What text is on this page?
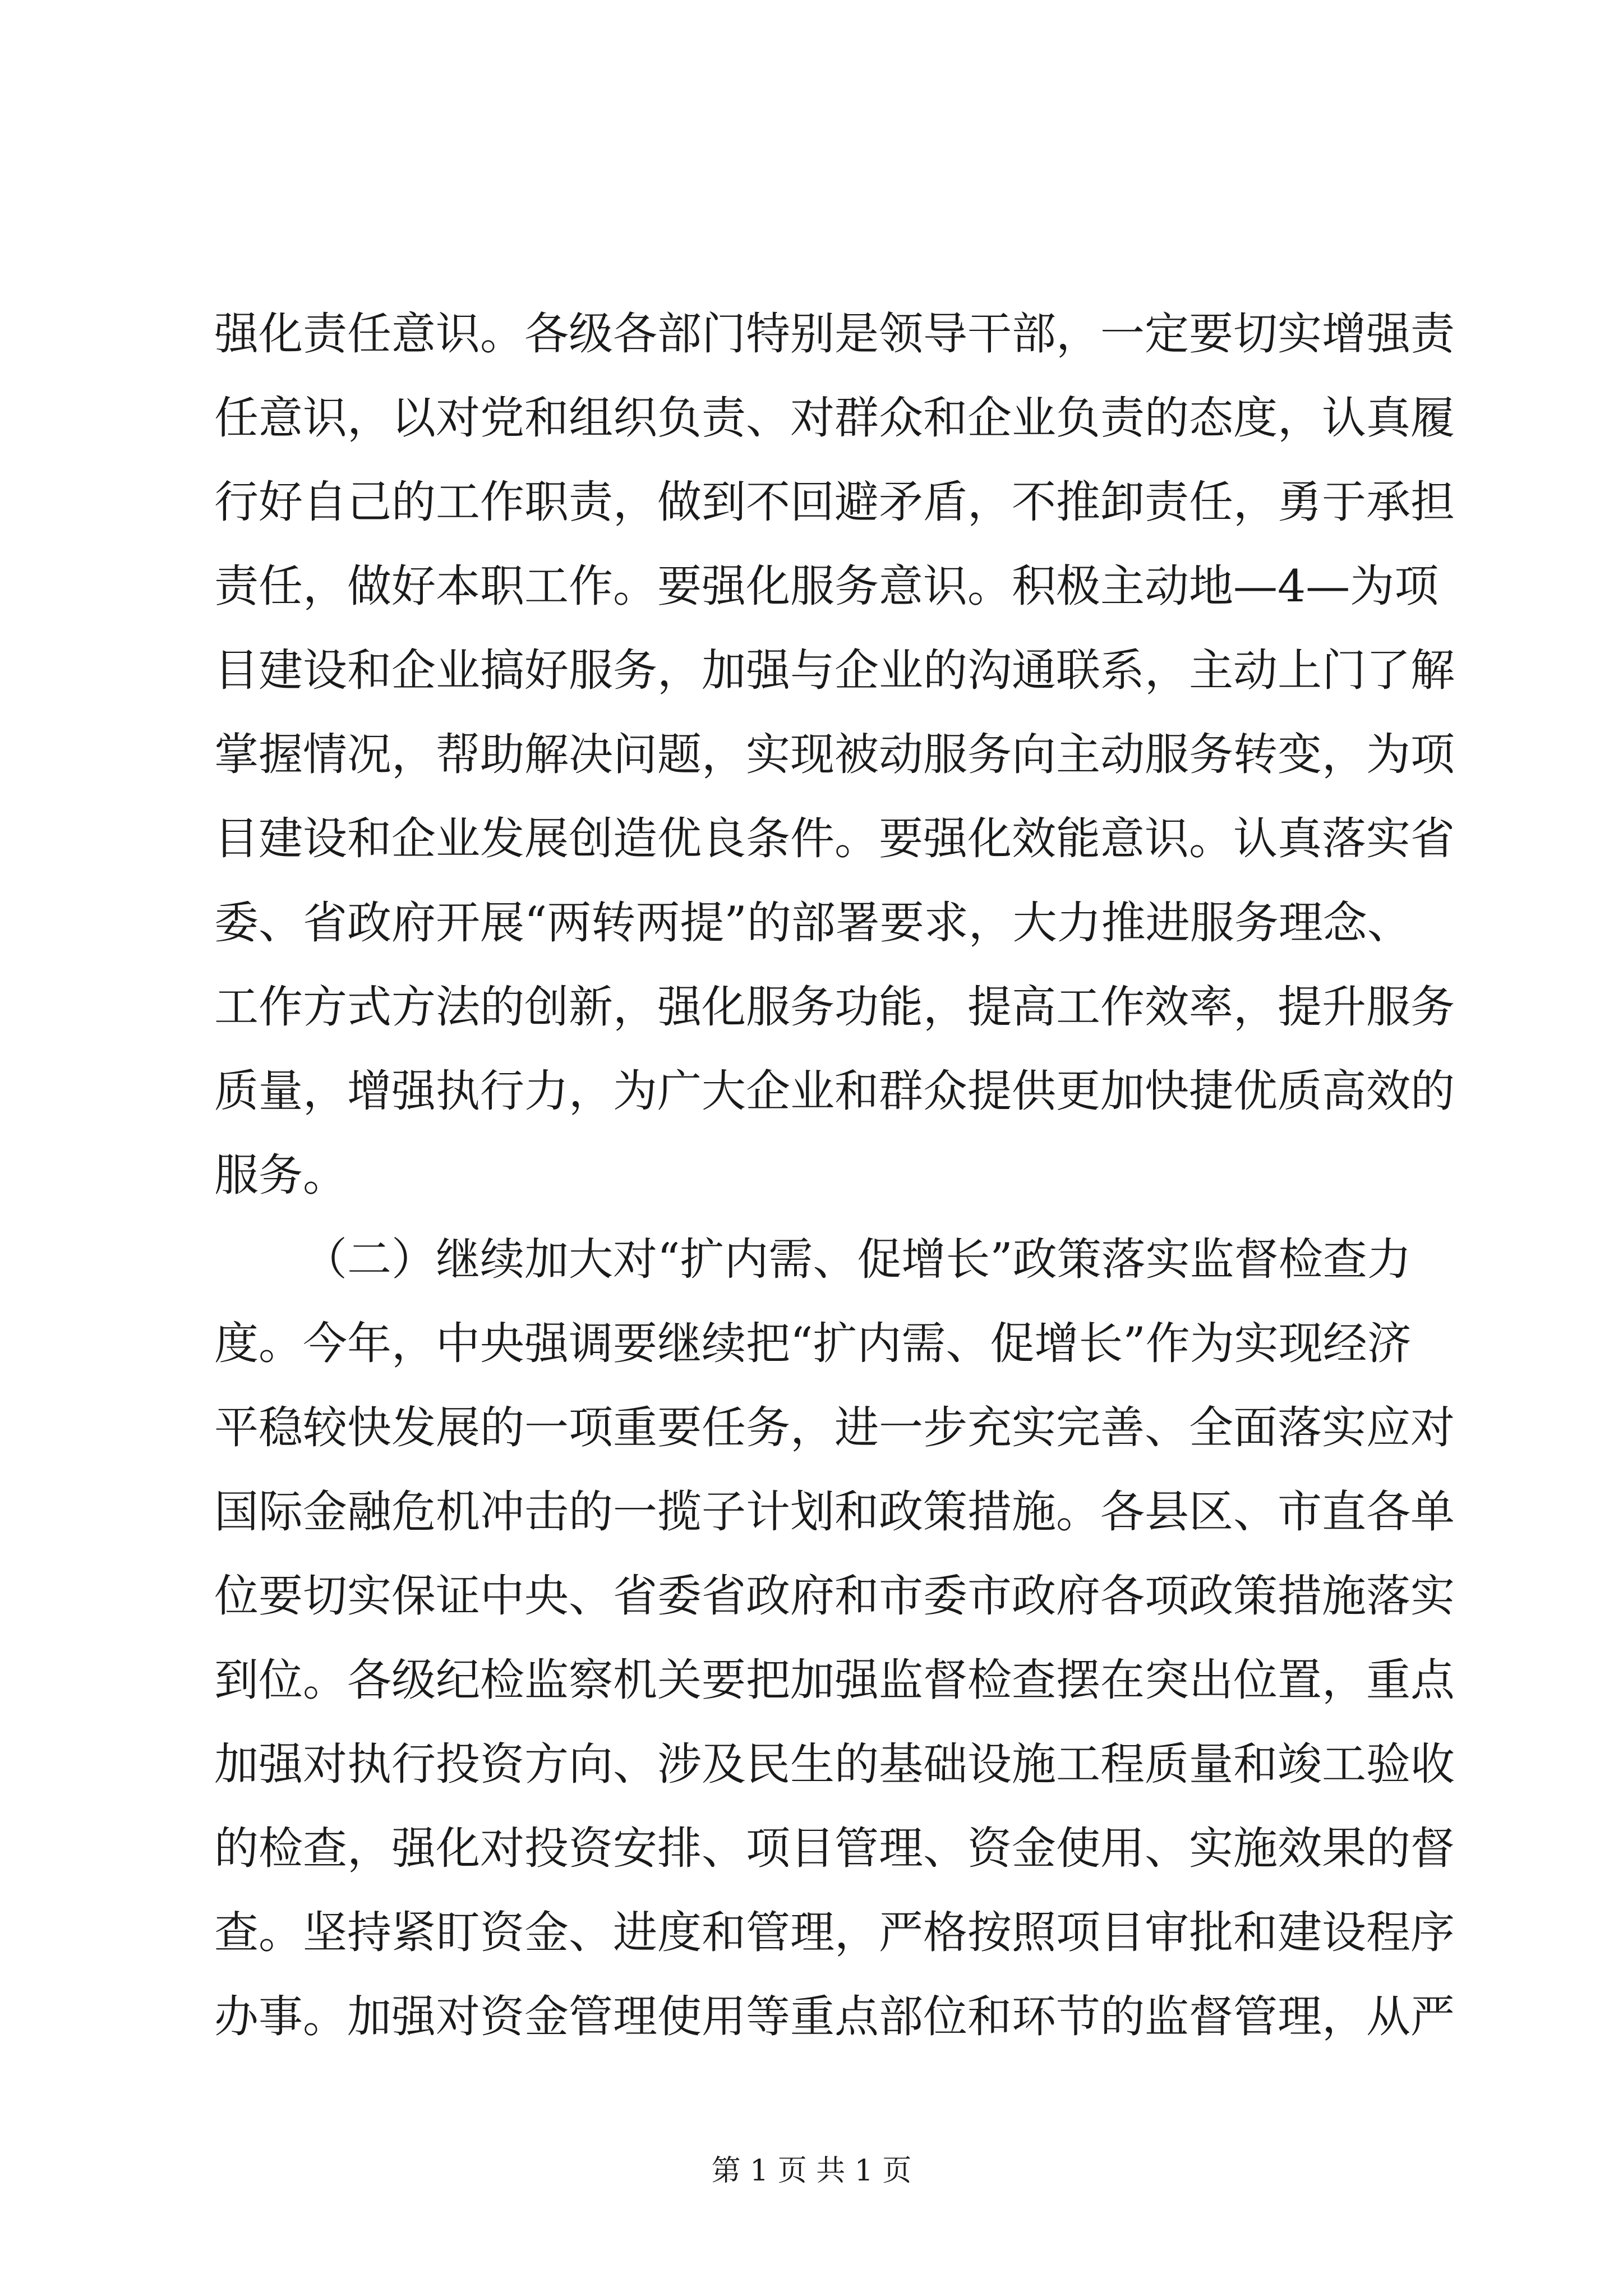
强化责任意识。各级各部门特别是领导干部，一定要切实增强责
任意识，以对党和组织负责、对群众和企业负责的态度，认真履
行好自己的工作职责，做到不回避矛盾，不推卸责任，勇于承担
责任，做好本职工作。要强化服务意识。积极主动地—4—为项
目建设和企业搞好服务，加强与企业的沟通联系，主动上门了解
掌握情况，帮助解决问题，实现被动服务向主动服务转变，为项
目建设和企业发展创造优良条件。要强化效能意识。认真落实省
委、省政府开展“两转两提”的部署要求，大力推进服务理念、
工作方式方法的创新，强化服务功能，提高工作效率，提升服务
质量，增强执行力，为广大企业和群众提供更加快捷优质高效的
服务。
（二）继续加大对“扩内需、促增长”政策落实监督检查力
度。今年，中央强调要继续把“扩内需、促增长”作为实现经济
平稳较快发展的一项重要任务，进一步充实完善、全面落实应对
国际金融危机冲击的一揽子计划和政策措施。各县区、市直各单
位要切实保证中央、省委省政府和市委市政府各项政策措施落实
到位。各级纪检监察机关要把加强监督检查摆在突出位置，重点
加强对执行投资方向、涉及民生的基础设施工程质量和竣工验收
的检查，强化对投资安排、项目管理、资金使用、实施效果的督
查。坚持紧盯资金、进度和管理，严格按照项目审批和建设程序
办事。加强对资金管理使用等重点部位和环节的监督管理，从严
第 1 页 共 1 页
